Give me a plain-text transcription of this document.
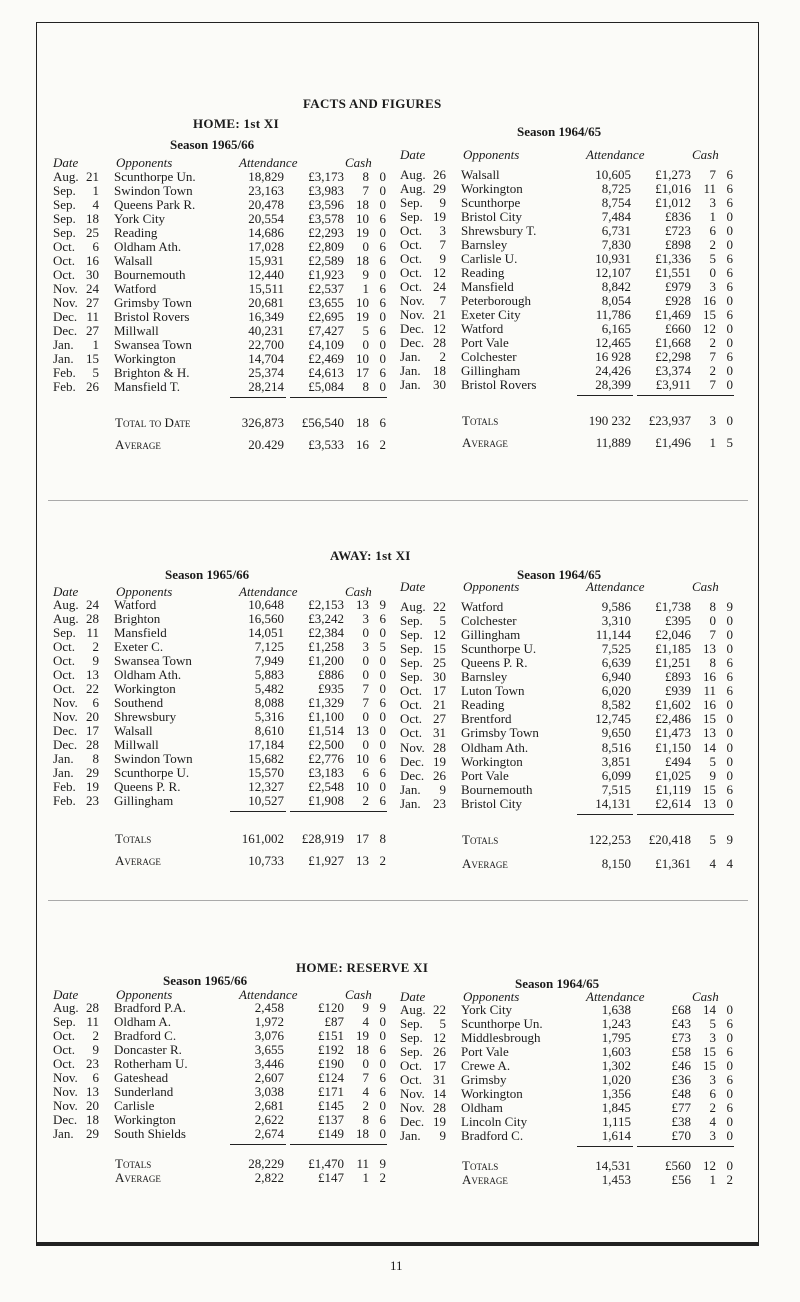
FACTS AND FIGURES
HOME: 1st XI
Season 1965/66
Date	Opponents	Attendance	Cash
Aug. 21 Scunthorpe Un.	18,829	£3,173	8 0
Sep.	1 Swindon Town	23,163	£3,983	7 0
Sep.	4 Queens Park R.	20,478	£3,596 18 0
Sep. 18 York City	20,554	£3,578 10 6
Sep. 25 Reading	14,686	£2,293 19 0
Oct.	6 Oldham Ath.	17,028	£2,809	0 6
Oct. 16 Walsall	15,931	£2,589 18 6
Oct. 30 Bournemouth	12,440	£1,923	9 0
Nov. 24 Watford	15,511	£2,537	1 6
Nov. 27 Grimsby Town	20,681	£3,655 10 6
Dec. 11 Bristol Rovers	16,349	£2,695 19 0
Dec. 27 Millwall	40,231	£7,427	5 6
Jan.	1 Swansea Town	22,700	£4,109	0 0
Jan. 15 Workington	14,704	£2,469 10 0
Feb.	5 Brighton & H.	25,374	£4,613 17 6
Feb. 26 Mansfield T.	28,214	£5,084	8 0
Total to Date	326,873	£56,540 18 6
Average	20.429	£3,533 16 2
Season 1964/65
Date	Opponents	Attendance	Cash
Aug. 26 Walsall	10,605	£1,273	7 6
Aug. 29 Workington	8,725	£1,016 11 6
Sep.	9 Scunthorpe	8,754	£1,012	3 6
Sep. 19 Bristol City	7,484	£836	1 0
Oct.	3 Shrewsbury T.	6,731	£723	6 0
Oct.	7 Barnsley	7,830	£898	2 0
Oct.	9 Carlisle U.	10,931	£1,336	5 6
Oct. 12 Reading	12,107	£1,551	0 6
Oct. 24 Mansfield	8,842	£979	3 6
Nov.	7 Peterborough	8,054	£928 16 0
Nov. 21 Exeter City	11,786	£1,469 15 6
Dec. 12 Watford	6,165	£660 12 0
Dec. 28 Port Vale	12,465	£1,668	2 0
Jan.	2 Colchester	16 928	£2,298	7 6
Jan. 18 Gillingham	24,426	£3,374	2 0
Jan. 30 Bristol Rovers	28,399	£3,911	7 0
Totals	190 232	£23,937	3 0
Average	11,889	£1,496	1 5
AWAY: 1st XI
Season 1965/66
Date	Opponents	Attendance	Cash
Aug. 24 Watford	10,648	£2,153 13 9
Aug. 28 Brighton	16,560	£3,242	3 6
Sep. 11 Mansfield	14,051	£2,384	0 0
Oct.	2 Exeter C.	7,125	£1,258	3 5
Oct.	9 Swansea Town	7,949	£1,200	0 0
Oct. 13 Oldham Ath.	5,883	£886	0 0
Oct. 22 Workington	5,482	£935	7 0
Nov.	6 Southend	8,088	£1,329	7 6
Nov. 20 Shrewsbury	5,316	£1,100	0 0
Dec. 17 Walsall	8,610	£1,514 13 0
Dec. 28 Millwall	17,184	£2,500	0 0
Jan.	8 Swindon Town	15,682	£2,776 10 6
Jan. 29 Scunthorpe U.	15,570	£3,183	6 6
Feb. 19 Queens P. R.	12,327	£2,548 10 0
Feb. 23 Gillingham	10,527	£1,908	2 6
Totals	161,002	£28,919 17 8
Average	10,733	£1,927 13 2
Season 1964/65
Date	Opponents	Attendance	Cash
Aug. 22 Watford	9,586	£1,738	8 9
Sep.	5 Colchester	3,310	£395	0 0
Sep. 12 Gillingham	11,144	£2,046	7 0
Sep. 15 Scunthorpe U.	7,525	£1,185 13 0
Sep. 25 Queens P. R.	6,639	£1,251	8 6
Sep. 30 Barnsley	6,940	£893 16 6
Oct. 17 Luton Town	6,020	£939 11 6
Oct. 21 Reading	8,582	£1,602 16 0
Oct. 27 Brentford	12,745	£2,486 15 0
Oct. 31 Grimsby Town	9,650	£1,473 13 0
Nov. 28 Oldham Ath.	8,516	£1,150 14 0
Dec. 19 Workington	3,851	£494	5 0
Dec. 26 Port Vale	6,099	£1,025	9 0
Jan.	9 Bournemouth	7,515	£1,119 15 6
Jan. 23 Bristol City	14,131	£2,614 13 0
Totals	122,253	£20,418	5 9
Average	8,150	£1,361	4 4
HOME: RESERVE XI
Season 1965/66
Date	Opponents	Attendance	Cash
Aug. 28 Bradford P.A.	2,458	£120	9 9
Sep. 11 Oldham A.	1,972	£87	4 0
Oct.	2 Bradford C.	3,076	£151 19 0
Oct.	9 Doncaster R.	3,655	£192 18 6
Oct. 23 Rotherham U.	3,446	£190	0 0
Nov.	6 Gateshead	2,607	£124	7 6
Nov. 13 Sunderland	3,038	£171	4 6
Nov. 20 Carlisle	2,681	£145	2 0
Dec. 18 Workington	2,622	£137	8 6
Jan. 29 South Shields	2,674	£149 18 0
Totals	28,229	£1,470 11 9
Average	2,822	£147	1 2
Season 1964/65
Date	Opponents	Attendance	Cash
Aug. 22 York City	1,638	£68 14 0
Sep.	5 Scunthorpe Un.	1,243	£43	5 6
Sep. 12 Middlesbrough	1,795	£73	3 0
Sep. 26 Port Vale	1,603	£58 15 6
Oct. 17 Crewe A.	1,302	£46 15 0
Oct. 31 Grimsby	1,020	£36	3 6
Nov. 14 Workington	1,356	£48	6 0
Nov. 28 Oldham	1,845	£77	2 6
Dec. 19 Lincoln City	1,115	£38	4 0
Jan.	9 Bradford C.	1,614	£70	3 0
Totals	14,531	£560 12 0
Average	1,453	£56	1 2
11
